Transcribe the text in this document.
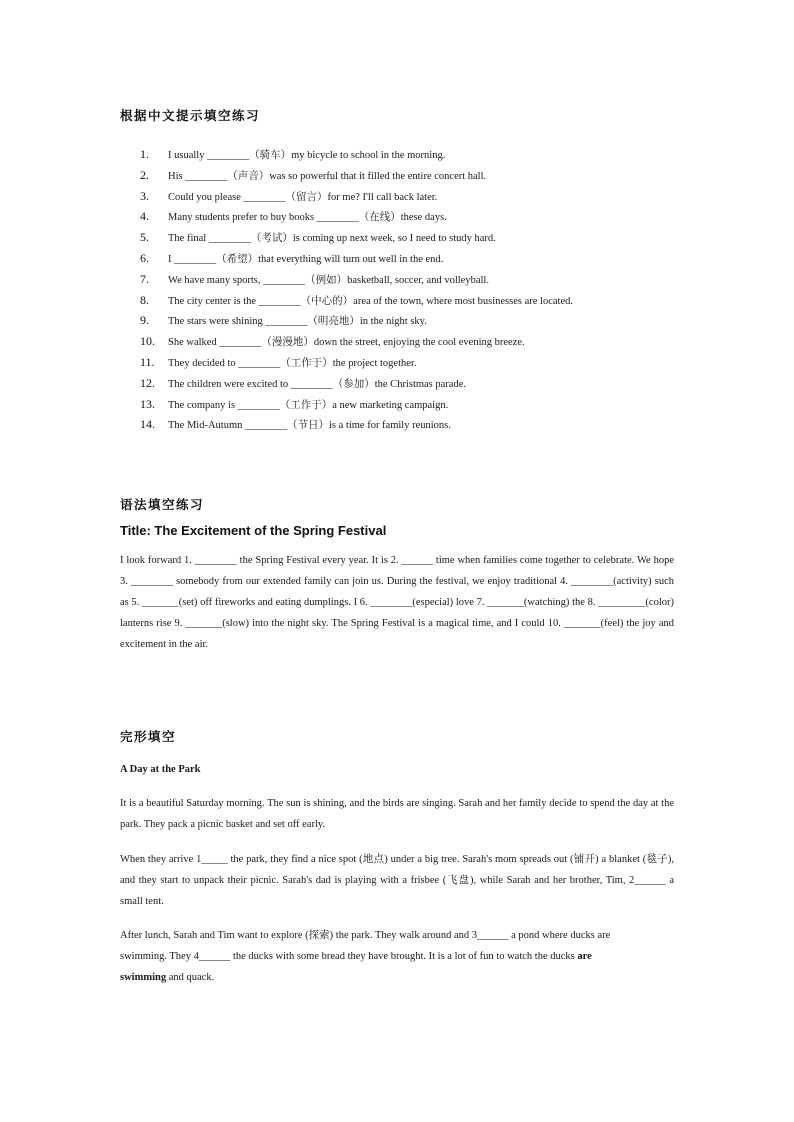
根据中文提示填空练习
1. I usually ________（骑车）my bicycle to school in the morning.
2. His ________（声音）was so powerful that it filled the entire concert hall.
3. Could you please ________（留言）for me? I'll call back later.
4. Many students prefer to buy books ________（在线）these days.
5. The final ________（考试）is coming up next week, so I need to study hard.
6. I ________（希望）that everything will turn out well in the end.
7. We have many sports, ________（例如）basketball, soccer, and volleyball.
8. The city center is the ________（中心的）area of the town, where most businesses are located.
9. The stars were shining ________（明亮地）in the night sky.
10. She walked ________（漫漫地）down the street, enjoying the cool evening breeze.
11. They decided to ________（工作于）the project together.
12. The children were excited to ________（参加）the Christmas parade.
13. The company is ________（工作于）a new marketing campaign.
14. The Mid-Autumn ________（节日）is a time for family reunions.
语法填空练习
Title: The Excitement of the Spring Festival
I look forward 1. ________ the Spring Festival every year. It is 2. ______ time when families come together to celebrate. We hope 3. ________ somebody from our extended family can join us. During the festival, we enjoy traditional 4. ________(activity) such as 5. _______(set) off fireworks and eating dumplings. I 6. ________(especial) love 7. _______(watching) the 8. _________(color) lanterns rise 9. _______(slow) into the night sky. The Spring Festival is a magical time, and I could 10. _______(feel) the joy and excitement in the air.
完形填空
A Day at the Park
It is a beautiful Saturday morning. The sun is shining, and the birds are singing. Sarah and her family decide to spend the day at the park. They pack a picnic basket and set off early.
When they arrive 1_____ the park, they find a nice spot (地点) under a big tree. Sarah's mom spreads out (铺开) a blanket (毯子), and they start to unpack their picnic. Sarah's dad is playing with a frisbee (飞盘), while Sarah and her brother, Tim, 2______ a small tent.
After lunch, Sarah and Tim want to explore (探索) the park. They walk around and 3______ a pond where ducks are
swimming. They 4______ the ducks with some bread they have brought. It is a lot of fun to watch the ducks are
swimming and quack.
